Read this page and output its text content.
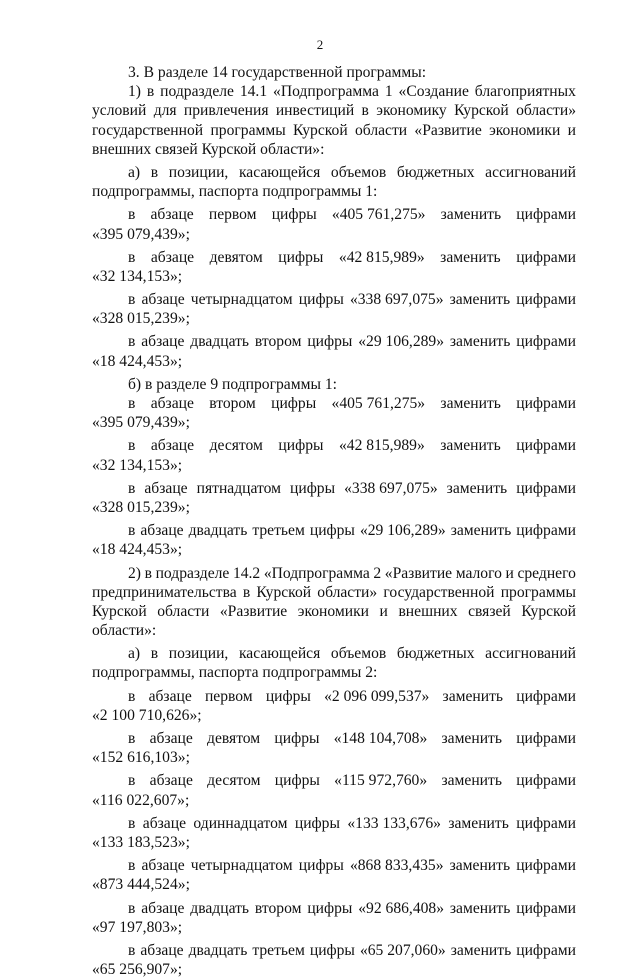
2
3. В разделе 14 государственной программы:
1) в подразделе 14.1 «Подпрограмма 1 «Создание благоприятных
условий для привлечения инвестиций в экономику Курской области»
государственной программы Курской области «Развитие экономики и
внешних связей Курской области»:
а) в позиции, касающейся объемов бюджетных ассигнований
подпрограммы, паспорта подпрограммы 1:
в абзаце первом цифры «405 761,275» заменить цифрами
«395 079,439»;
в абзаце девятом цифры «42 815,989» заменить цифрами
«32 134,153»;
в абзаце четырнадцатом цифры «338 697,075» заменить цифрами
«328 015,239»;
в абзаце двадцать втором цифры «29 106,289» заменить цифрами
«18 424,453»;
б) в разделе 9 подпрограммы 1:
в абзаце втором цифры «405 761,275» заменить цифрами
«395 079,439»;
в абзаце десятом цифры «42 815,989» заменить цифрами
«32 134,153»;
в абзаце пятнадцатом цифры «338 697,075» заменить цифрами
«328 015,239»;
в абзаце двадцать третьем цифры «29 106,289» заменить цифрами
«18 424,453»;
2) в подразделе 14.2 «Подпрограмма 2 «Развитие малого и среднего
предпринимательства в Курской области» государственной программы
Курской области «Развитие экономики и внешних связей Курской
области»:
а) в позиции, касающейся объемов бюджетных ассигнований
подпрограммы, паспорта подпрограммы 2:
в абзаце первом цифры «2 096 099,537» заменить цифрами
«2 100 710,626»;
в абзаце девятом цифры «148 104,708» заменить цифрами
«152 616,103»;
в абзаце десятом цифры «115 972,760» заменить цифрами
«116 022,607»;
в абзаце одиннадцатом цифры «133 133,676» заменить цифрами
«133 183,523»;
в абзаце четырнадцатом цифры «868 833,435» заменить цифрами
«873 444,524»;
в абзаце двадцать втором цифры «92 686,408» заменить цифрами
«97 197,803»;
в абзаце двадцать третьем цифры «65 207,060» заменить цифрами
«65 256,907»;
